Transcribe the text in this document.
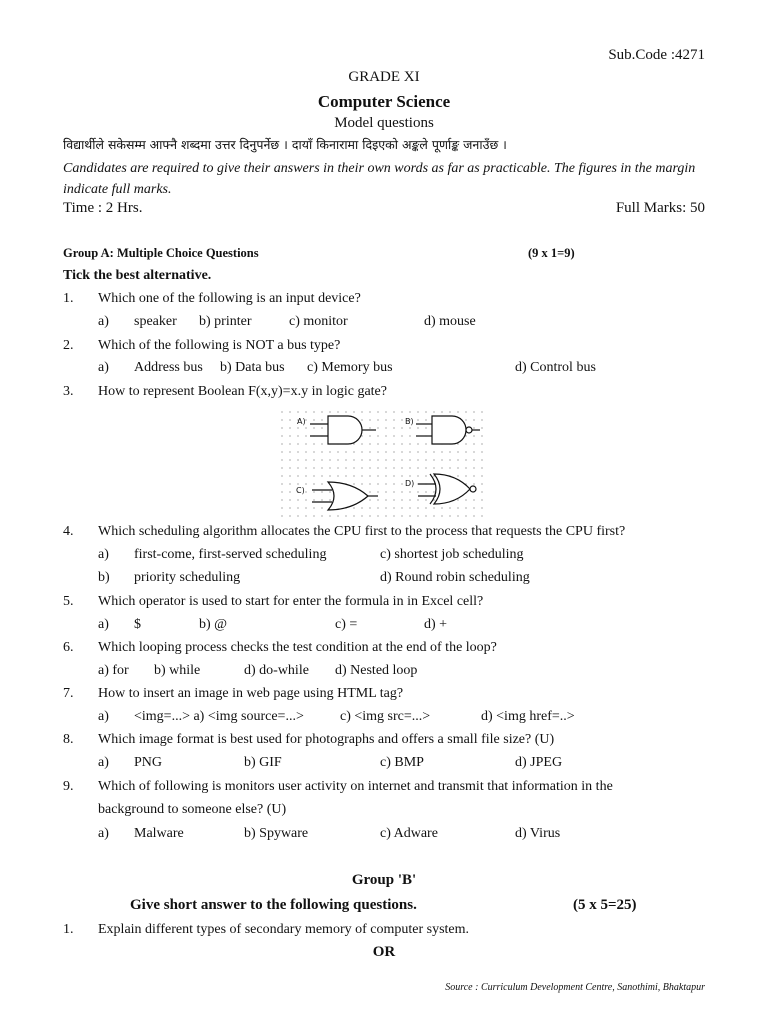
Sub.Code :4271
GRADE XI
Computer Science
Model questions
विद्यार्थीले सकेसम्म आफ्नै शब्दमा उत्तर दिनुपर्नेछ । दायाँ किनारामा दिइएको अङ्कले पूर्णाङ्क जनाउँछ ।
Candidates are required to give their answers in their own words as far as practicable. The figures in the margin indicate full marks.
Time : 2 Hrs.	Full Marks: 50
Group A: Multiple Choice Questions	(9 x 1=9)
Tick the best alternative.
1. Which one of the following is an input device?
a) speaker b) printer	c) monitor	d) mouse
2. Which of the following is NOT a bus type?
a) Address bus b) Data bus c) Memory bus	d) Control bus
3. How to represent Boolean F(x,y)=x.y in logic gate?
A)	B)
C)
D)
4. Which scheduling algorithm allocates the CPU first to the process that requests the CPU first?
a) first-come, first-served scheduling	c) shortest job scheduling
b) priority scheduling	d) Round robin scheduling
5. Which operator is used to start for enter the formula in in Excel cell?
a) $	b) @	c) =	d) +
6. Which looping process checks the test condition at the end of the loop?
a) for b) while	d) do-while d) Nested loop
7. How to insert an image in web page using HTML tag?
a) <img=...> a) <img source=...>	c) <img src=...>	d) <img href=..>
8. Which image format is best used for photographs and offers a small file size? (U)
a) PNG	b) GIF	c) BMP	d) JPEG
9. Which of following is monitors user activity on internet and transmit that information in the
background to someone else? (U)
a) Malware	b) Spyware	c) Adware	d) Virus
Group 'B'
Give short answer to the following questions.	(5 x 5=25)
1. Explain different types of secondary memory of computer system.
OR
Source : Curriculum Development Centre, Sanothimi, Bhaktapur
